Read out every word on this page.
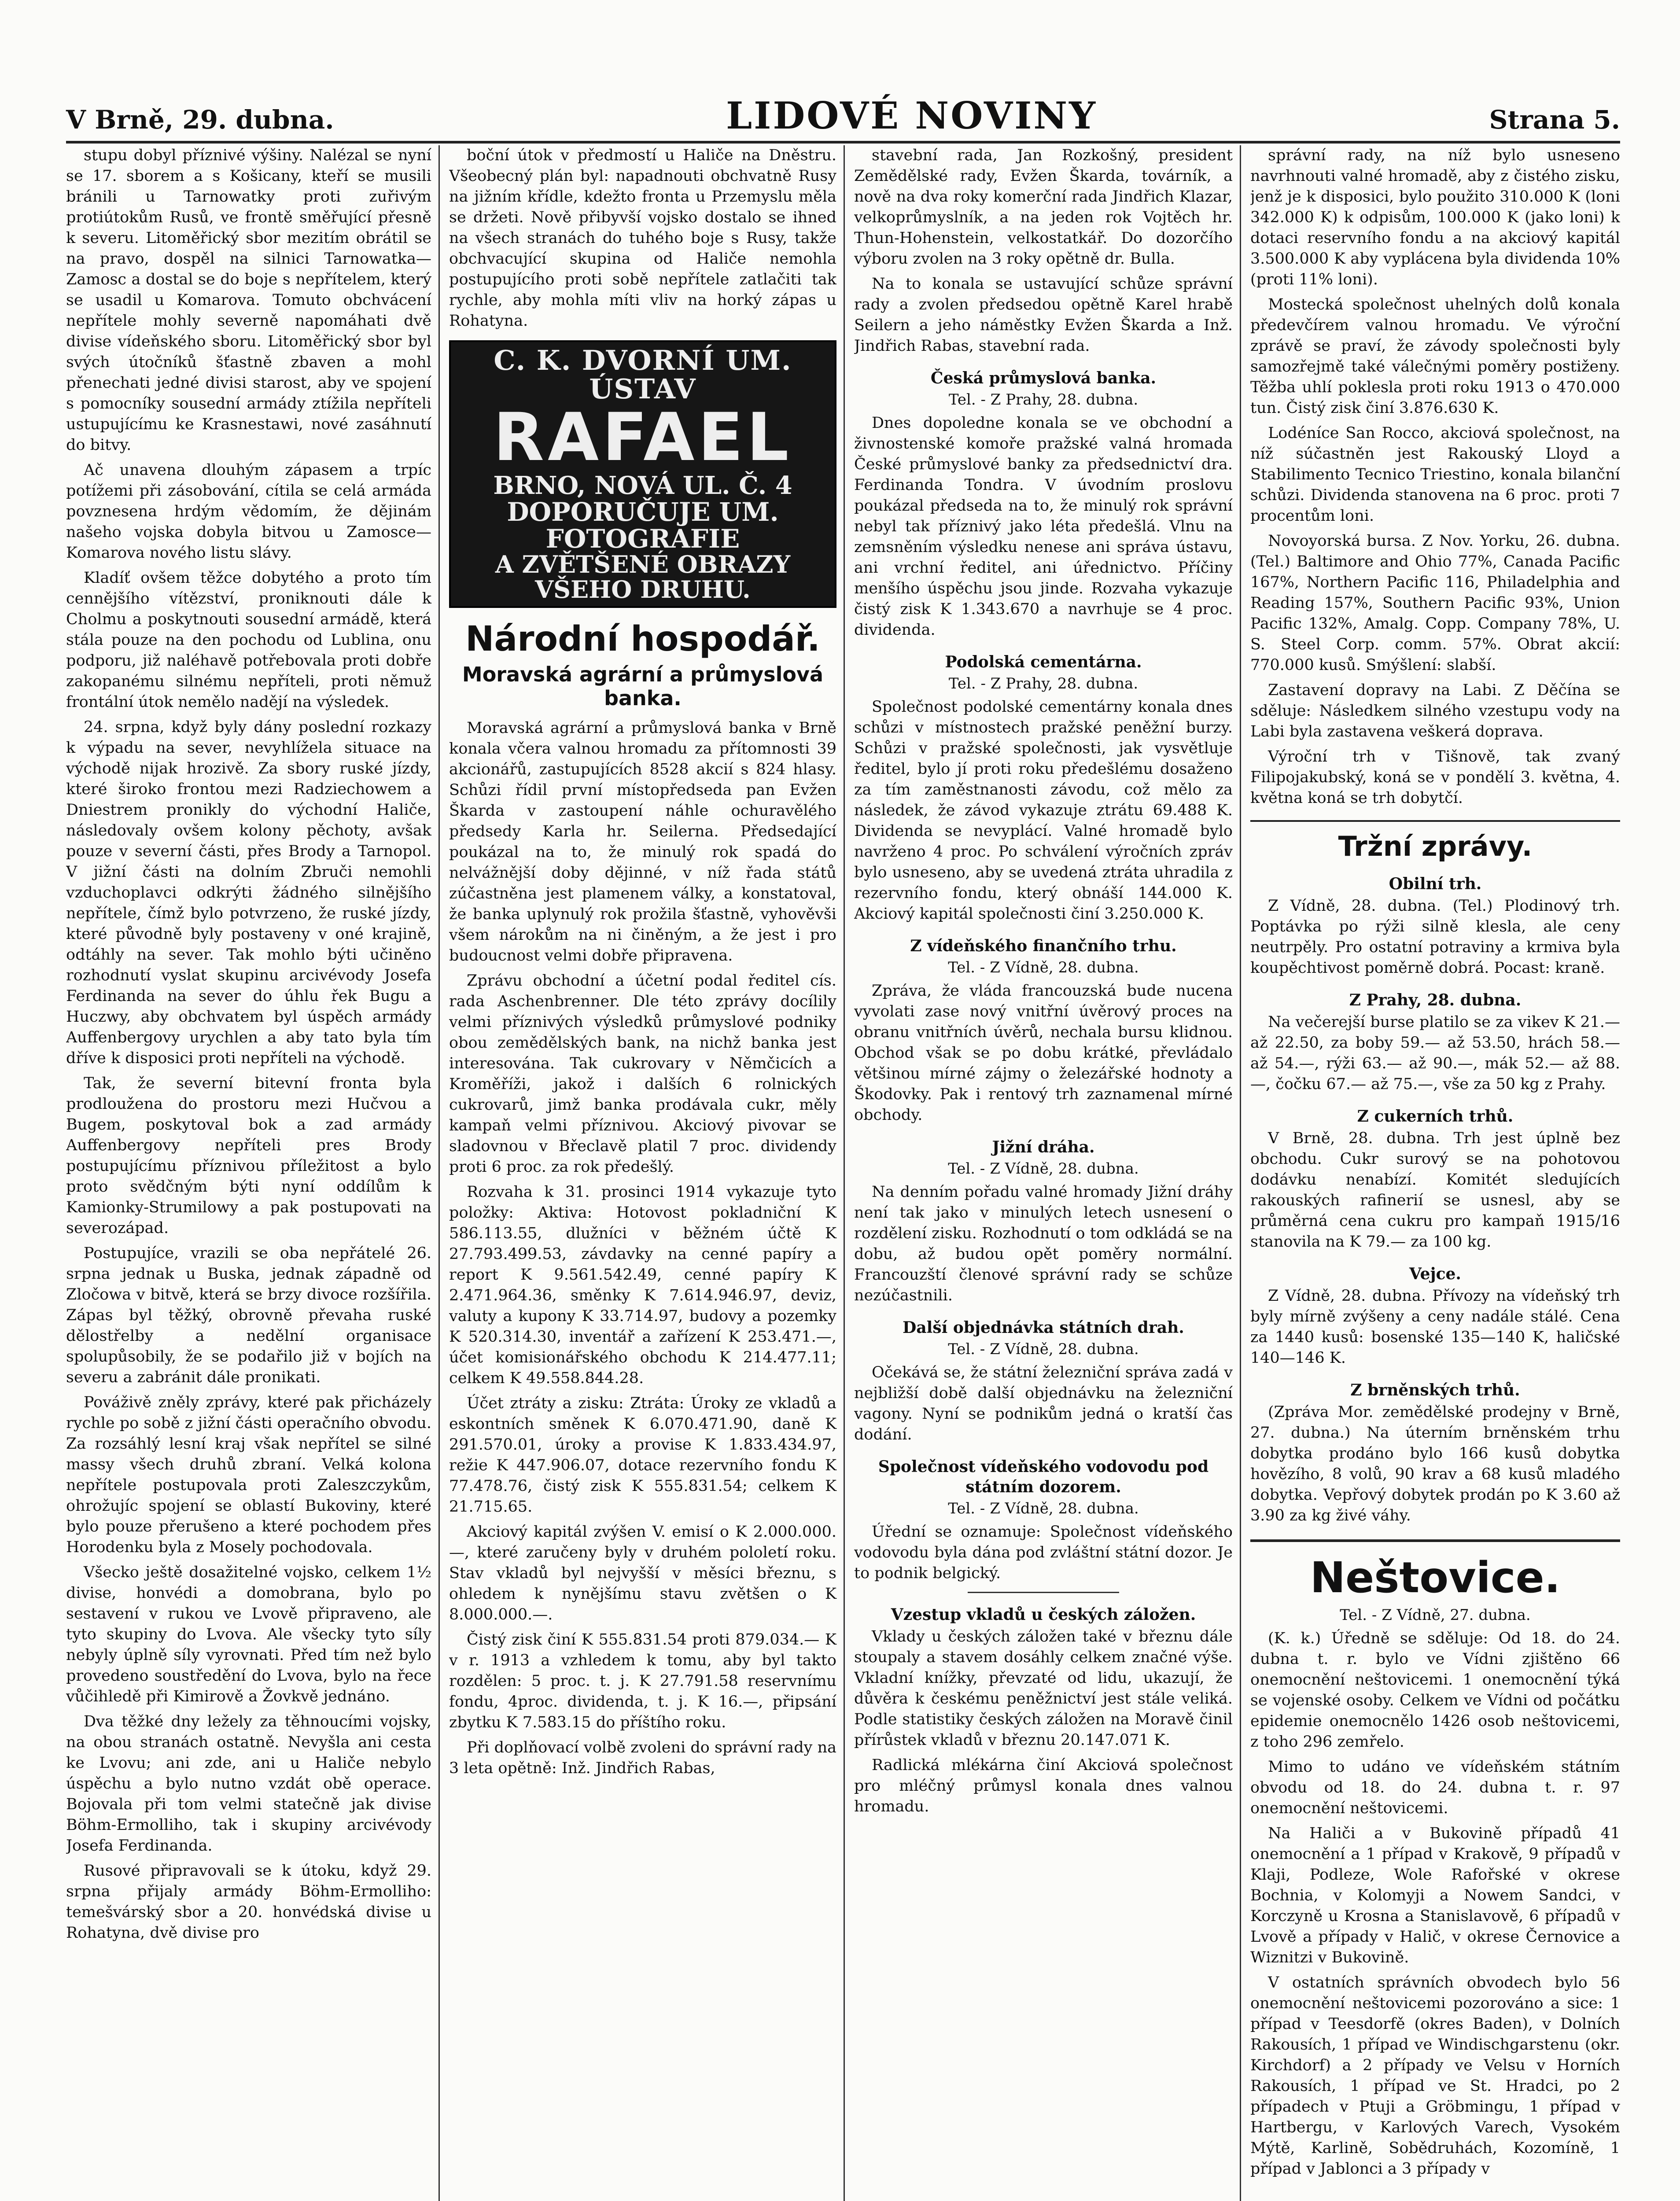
V Brně, 29. dubna.	LIDOVÉ NOVINY	Strana 5.

stupu dobyl příznivé výšiny. Nalézal se nyní se 17. sborem a s Košicany, kteří se musili bránili u Tarnowatky proti zuřivým protiútokům Rusů, ve frontě směřující přesně k severu. Litoměřický sbor mezitím obrátil se na pravo, dospěl na silnici Tarnowatka—Zamosc a dostal se do boje s nepřítelem, který se usadil u Komarova. Tomuto obchvácení nepřítele mohly severně napomáhati dvě divise vídeňského sboru. Litoměřický sbor byl svých útočníků šťastně zbaven a mohl přenechati jedné divisi starost, aby ve spojení s pomocníky sousední armády ztížila nepříteli ustupujícímu ke Krasnestawi, nové zasáhnutí do bitvy.

Ač unavena dlouhým zápasem a trpíc potížemi při zásobování, cítila se celá armáda povznesena hrdým vědomím, že dějinám našeho vojska dobyla bitvou u Zamosce—Komarova nového listu slávy.

Kladíť ovšem těžce dobytého a proto tím cennějšího vítězství, proniknouti dále k Cholmu a poskytnouti sousední armádě, která stála pouze na den pochodu od Lublina, onu podporu, již naléhavě potřebovala proti dobře zakopanému silnému nepříteli, proti němuž frontální útok nemělo nadějí na výsledek.

24. srpna, když byly dány poslední rozkazy k výpadu na sever, nevyhlížela situace na východě nijak hrozivě. Za sbory ruské jízdy, které široko frontou mezi Radziechowem a Dniestrem pronikly do východní Haliče, následovaly ovšem kolony pěchoty, avšak pouze v severní části, přes Brody a Tarnopol. V jižní části na dolním Zbruči nemohli vzduchoplavci odkrýti žádného silnějšího nepřítele, čímž bylo potvrzeno, že ruské jízdy, které původně byly postaveny v oné krajině, odtáhly na sever. Tak mohlo býti učiněno rozhodnutí vyslat skupinu arcivévody Josefa Ferdinanda na sever do úhlu řek Bugu a Huczwy, aby obchvatem byl úspěch armády Auffenbergovy urychlen a aby tato byla tím dříve k disposici proti nepříteli na východě.

Tak, že severní bitevní fronta byla prodloužena do prostoru mezi Hučvou a Bugem, poskytoval bok a zad armády Auffenbergovy nepříteli pres Brody postupujícímu příznivou příležitost a bylo proto svědčným býti nyní oddílům k Kamionky-Strumilowy a pak postupovati na severozápad.

Postupujíce, vrazili se oba nepřátelé 26. srpna jednak u Buska, jednak západně od Zločowa v bitvě, která se brzy divoce rozšířila. Zápas byl těžký, obrovně převaha ruské dělostřelby a nedělní organisace spolupůsobily, že se podařilo již v bojích na severu a zabránit dále pronikati.

Pováživě zněly zprávy, které pak přicházely rychle po sobě z jižní části operačního obvodu. Za rozsáhlý lesní kraj však nepřítel se silné massy všech druhů zbraní. Velká kolona nepřítele postupovala proti Zaleszczykům, ohrožujíc spojení se oblastí Bukoviny, které bylo pouze přerušeno a které pochodem přes Horodenku byla z Mosely pochodovala.

Všecko ještě dosažitelné vojsko, celkem 1½ divise, honvédi a domobrana, bylo po sestavení v rukou ve Lvově připraveno, ale tyto skupiny do Lvova. Ale všecky tyto síly nebyly úplně síly vyrovnati. Před tím než bylo provedeno soustředění do Lvova, bylo na řece vůčihledě při Kimirově a Žovkvě jednáno.

Dva těžké dny ležely za těhnoucími vojsky, na obou stranách ostatně. Nevyšla ani cesta ke Lvovu; ani zde, ani u Haliče nebylo úspěchu a bylo nutno vzdát obě operace. Bojovala při tom velmi statečně jak divise Böhm-Ermolliho, tak i skupiny arcivévody Josefa Ferdinanda.

Rusové připravovali se k útoku, když 29. srpna přijaly armády Böhm-Ermolliho: temešvárský sbor a 20. honvédská divise u Rohatyna, dvě divise pro

boční útok v předmostí u Haliče na Dněstru. Všeobecný plán byl: napadnouti obchvatně Rusy na jižním křídle, kdežto fronta u Przemyslu měla se držeti. Nově přibyvší vojsko dostalo se ihned na všech stranách do tuhého boje s Rusy, takže obchvacující skupina od Haliče nemohla postupujícího proti sobě nepřítele zatlačiti tak rychle, aby mohla míti vliv na horký zápas u Rohatyna.

C. K. DVORNÍ UM. ÚSTAV
RAFAEL
BRNO, NOVÁ UL. Č. 4
DOPORUČUJE UM. FOTOGRAFIE
A ZVĚTŠENÉ OBRAZY VŠEHO DRUHU.
Národní hospodář.
Moravská agrární a průmyslová banka.

Moravská agrární a průmyslová banka v Brně konala včera valnou hromadu za přítomnosti 39 akcionářů, zastupujících 8528 akcií s 824 hlasy. Schůzi řídil první místopředseda pan Evžen Škarda v zastoupení náhle ochuravělého předsedy Karla hr. Seilerna. Předsedající poukázal na to, že minulý rok spadá do nelvážnější doby dějinné, v níž řada států zúčastněna jest plamenem války, a konstatoval, že banka uplynulý rok prožila šťastně, vyhověvši všem nárokům na ni činěným, a že jest i pro budoucnost velmi dobře připravena.

Zprávu obchodní a účetní podal ředitel cís. rada Aschenbrenner. Dle této zprávy docílily velmi příznivých výsledků průmyslové podniky obou zemědělských bank, na nichž banka jest interesována. Tak cukrovary v Němčicích a Kroměříži, jakož i dalších 6 rolnických cukrovarů, jimž banka prodávala cukr, měly kampaň velmi příznivou. Akciový pivovar se sladovnou v Břeclavě platil 7 proc. dividendy proti 6 proc. za rok předešlý.

Rozvaha k 31. prosinci 1914 vykazuje tyto položky: Aktiva: Hotovost pokladniční K 586.113.55, dlužníci v běžném účtě K 27.793.499.53, závdavky na cenné papíry a report K 9.561.542.49, cenné papíry K 2.471.964.36, směnky K 7.614.946.97, deviz, valuty a kupony K 33.714.97, budovy a pozemky K 520.314.30, inventář a zařízení K 253.471.—, účet komisionářského obchodu K 214.477.11; celkem K 49.558.844.28.

Účet ztráty a zisku: Ztráta: Úroky ze vkladů a eskontních směnek K 6.070.471.90, daně K 291.570.01, úroky a provise K 1.833.434.97, režie K 447.906.07, dotace rezervního fondu K 77.478.76, čistý zisk K 555.831.54; celkem K 21.715.65.

Akciový kapitál zvýšen V. emisí o K 2.000.000.—, které zaručeny byly v druhém pololetí roku. Stav vkladů byl nejvyšší v měsíci březnu, s ohledem k nynějšímu stavu zvětšen o K 8.000.000.—.

Čistý zisk činí K 555.831.54 proti 879.034.— K v r. 1913 a vzhledem k tomu, aby byl takto rozdělen: 5 proc. t. j. K 27.791.58 reservnímu fondu, 4proc. dividenda, t. j. K 16.—, připsání zbytku K 7.583.15 do příštího roku.

Při doplňovací volbě zvoleni do správní rady na 3 leta opětně: Inž. Jindřich Rabas,

stavební rada, Jan Rozkošný, president Zemědělské rady, Evžen Škarda, továrník, a nově na dva roky komerční rada Jindřich Klazar, velkoprůmyslník, a na jeden rok Vojtěch hr. Thun-Hohenstein, velkostatkář. Do dozorčího výboru zvolen na 3 roky opětně dr. Bulla.

Na to konala se ustavující schůze správní rady a zvolen předsedou opětně Karel hrabě Seilern a jeho náměstky Evžen Škarda a Inž. Jindřich Rabas, stavební rada.

Česká průmyslová banka.
Tel. - Z Prahy, 28. dubna.

Dnes dopoledne konala se ve obchodní a živnostenské komoře pražské valná hromada České průmyslové banky za předsednictví dra. Ferdinanda Tondra. V úvodním proslovu poukázal předseda na to, že minulý rok správní nebyl tak příznivý jako léta předešlá. Vlnu na zemsněním výsledku nenese ani správa ústavu, ani vrchní ředitel, ani úřednictvo. Příčiny menšího úspěchu jsou jinde. Rozvaha vykazuje čistý zisk K 1.343.670 a navrhuje se 4 proc. dividenda.

Podolská cementárna.
Tel. - Z Prahy, 28. dubna.

Společnost podolské cementárny konala dnes schůzi v místnostech pražské peněžní burzy. Schůzi v pražské společnosti, jak vysvětluje ředitel, bylo jí proti roku předešlému dosaženo za tím zaměstnanosti závodu, což mělo za následek, že závod vykazuje ztrátu 69.488 K. Dividenda se nevyplácí. Valné hromadě bylo navrženo 4 proc. Po schválení výročních zpráv bylo usneseno, aby se uvedená ztráta uhradila z rezervního fondu, který obnáší 144.000 K. Akciový kapitál společnosti činí 3.250.000 K.

Z vídeňského finančního trhu.
Tel. - Z Vídně, 28. dubna.

Zpráva, že vláda francouzská bude nucena vyvolati zase nový vnitřní úvěrový proces na obranu vnitřních úvěrů, nechala bursu klidnou. Obchod však se po dobu krátké, převládalo většinou mírné zájmy o železářské hodnoty a Škodovky. Pak i rentový trh zaznamenal mírné obchody.

Jižní dráha.
Tel. - Z Vídně, 28. dubna.

Na denním pořadu valné hromady Jižní dráhy není tak jako v minulých letech usnesení o rozdělení zisku. Rozhodnutí o tom odkládá se na dobu, až budou opět poměry normální. Francouzští členové správní rady se schůze nezúčastnili.

Další objednávka státních drah.
Tel. - Z Vídně, 28. dubna.

Očekává se, že státní železniční správa zadá v nejbližší době další objednávku na železniční vagony. Nyní se podnikům jedná o kratší čas dodání.

Společnost vídeňského vodovodu pod státním dozorem.
Tel. - Z Vídně, 28. dubna.

Úřední se oznamuje: Společnost vídeňského vodovodu byla dána pod zvláštní státní dozor. Je to podnik belgický.

Vzestup vkladů u českých záložen.

Vklady u českých záložen také v březnu dále stoupaly a stavem dosáhly celkem značné výše. Vkladní knížky, převzaté od lidu, ukazují, že důvěra k českému peněžnictví jest stále veliká. Podle statistiky českých záložen na Moravě činil přírůstek vkladů v březnu 20.147.071 K.

Radlická mlékárna činí Akciová společnost pro mléčný průmysl konala dnes valnou hromadu.

správní rady, na níž bylo usneseno navrhnouti valné hromadě, aby z čistého zisku, jenž je k disposici, bylo použito 310.000 K (loni 342.000 K) k odpisům, 100.000 K (jako loni) k dotaci reservního fondu a na akciový kapitál 3.500.000 K aby vyplácena byla dividenda 10% (proti 11% loni).

Mostecká společnost uhelných dolů konala předevčírem valnou hromadu. Ve výroční zprávě se praví, že závody společnosti byly samozřejmě také válečnými poměry postiženy. Těžba uhlí poklesla proti roku 1913 o 470.000 tun. Čistý zisk činí 3.876.630 K.

Lodéníce San Rocco, akciová společnost, na níž súčastněn jest Rakouský Lloyd a Stabilimento Tecnico Triestino, konala bilanční schůzi. Dividenda stanovena na 6 proc. proti 7 procentům loni.

Novoyorská bursa. Z Nov. Yorku, 26. dubna. (Tel.) Baltimore and Ohio 77%, Canada Pacific 167%, Northern Pacific 116, Philadelphia and Reading 157%, Southern Pacific 93%, Union Pacific 132%, Amalg. Copp. Company 78%, U. S. Steel Corp. comm. 57%. Obrat akcií: 770.000 kusů. Smýšlení: slabší.

Zastavení dopravy na Labi. Z Děčína se sděluje: Následkem silného vzestupu vody na Labi byla zastavena veškerá doprava.

Výroční trh v Tišnově, tak zvaný Filipojakubský, koná se v pondělí 3. května, 4. května koná se trh dobytčí.

Tržní zprávy.
Obilní trh.

Z Vídně, 28. dubna. (Tel.) Plodinový trh. Poptávka po rýži silně klesla, ale ceny neutrpěly. Pro ostatní potraviny a krmiva byla koupěchtivost poměrně dobrá. Pocast: kraně.

Z Prahy, 28. dubna.

Na večerejší burse platilo se za vikev K 21.— až 22.50, za boby 59.— až 53.50, hrách 58.— až 54.—, rýži 63.— až 90.—, mák 52.— až 88.—, čočku 67.— až 75.—, vše za 50 kg z Prahy.

Z cukerních trhů.

V Brně, 28. dubna. Trh jest úplně bez obchodu. Cukr surový se na pohotovou dodávku nenabízí. Komitét sledujících rakouských rafinerií se usnesl, aby se průměrná cena cukru pro kampaň 1915/16 stanovila na K 79.— za 100 kg.

Vejce.

Z Vídně, 28. dubna. Přívozy na vídeňský trh byly mírně zvýšeny a ceny nadále stálé. Cena za 1440 kusů: bosenské 135—140 K, haličské 140—146 K.

Z brněnských trhů.

(Zpráva Mor. zemědělské prodejny v Brně, 27. dubna.) Na úterním brněnském trhu dobytka prodáno bylo 166 kusů dobytka hovězího, 8 volů, 90 krav a 68 kusů mladého dobytka. Vepřový dobytek prodán po K 3.60 až 3.90 za kg živé váhy.

Neštovice.
Tel. - Z Vídně, 27. dubna.

(K. k.) Úředně se sděluje: Od 18. do 24. dubna t. r. bylo ve Vídni zjištěno 66 onemocnění neštovicemi. 1 onemocnění týká se vojenské osoby. Celkem ve Vídni od počátku epidemie onemocnělo 1426 osob neštovicemi, z toho 296 zemřelo.

Mimo to udáno ve vídeňském státním obvodu od 18. do 24. dubna t. r. 97 onemocnění neštovicemi.

Na Haliči a v Bukovině případů 41 onemocnění a 1 případ v Krakově, 9 případů v Klaji, Podleze, Wole Rafořské v okrese Bochnia, v Kolomyji a Nowem Sandci, v Korczyně u Krosna a Stanislavově, 6 případů v Lvově a případy v Halič, v okrese Černovice a Wiznitzi v Bukovině.

V ostatních správních obvodech bylo 56 onemocnění neštovicemi pozorováno a sice: 1 případ v Teesdorfě (okres Baden), v Dolních Rakousích, 1 případ ve Windischgarstenu (okr. Kirchdorf) a 2 případy ve Velsu v Horních Rakousích, 1 případ ve St. Hradci, po 2 případech v Ptuji a Gröbmingu, 1 případ v Hartbergu, v Karlových Varech, Vysokém Mýtě, Karlině, Sobědruhách, Kozomíně, 1 případ v Jablonci a 3 případy v
